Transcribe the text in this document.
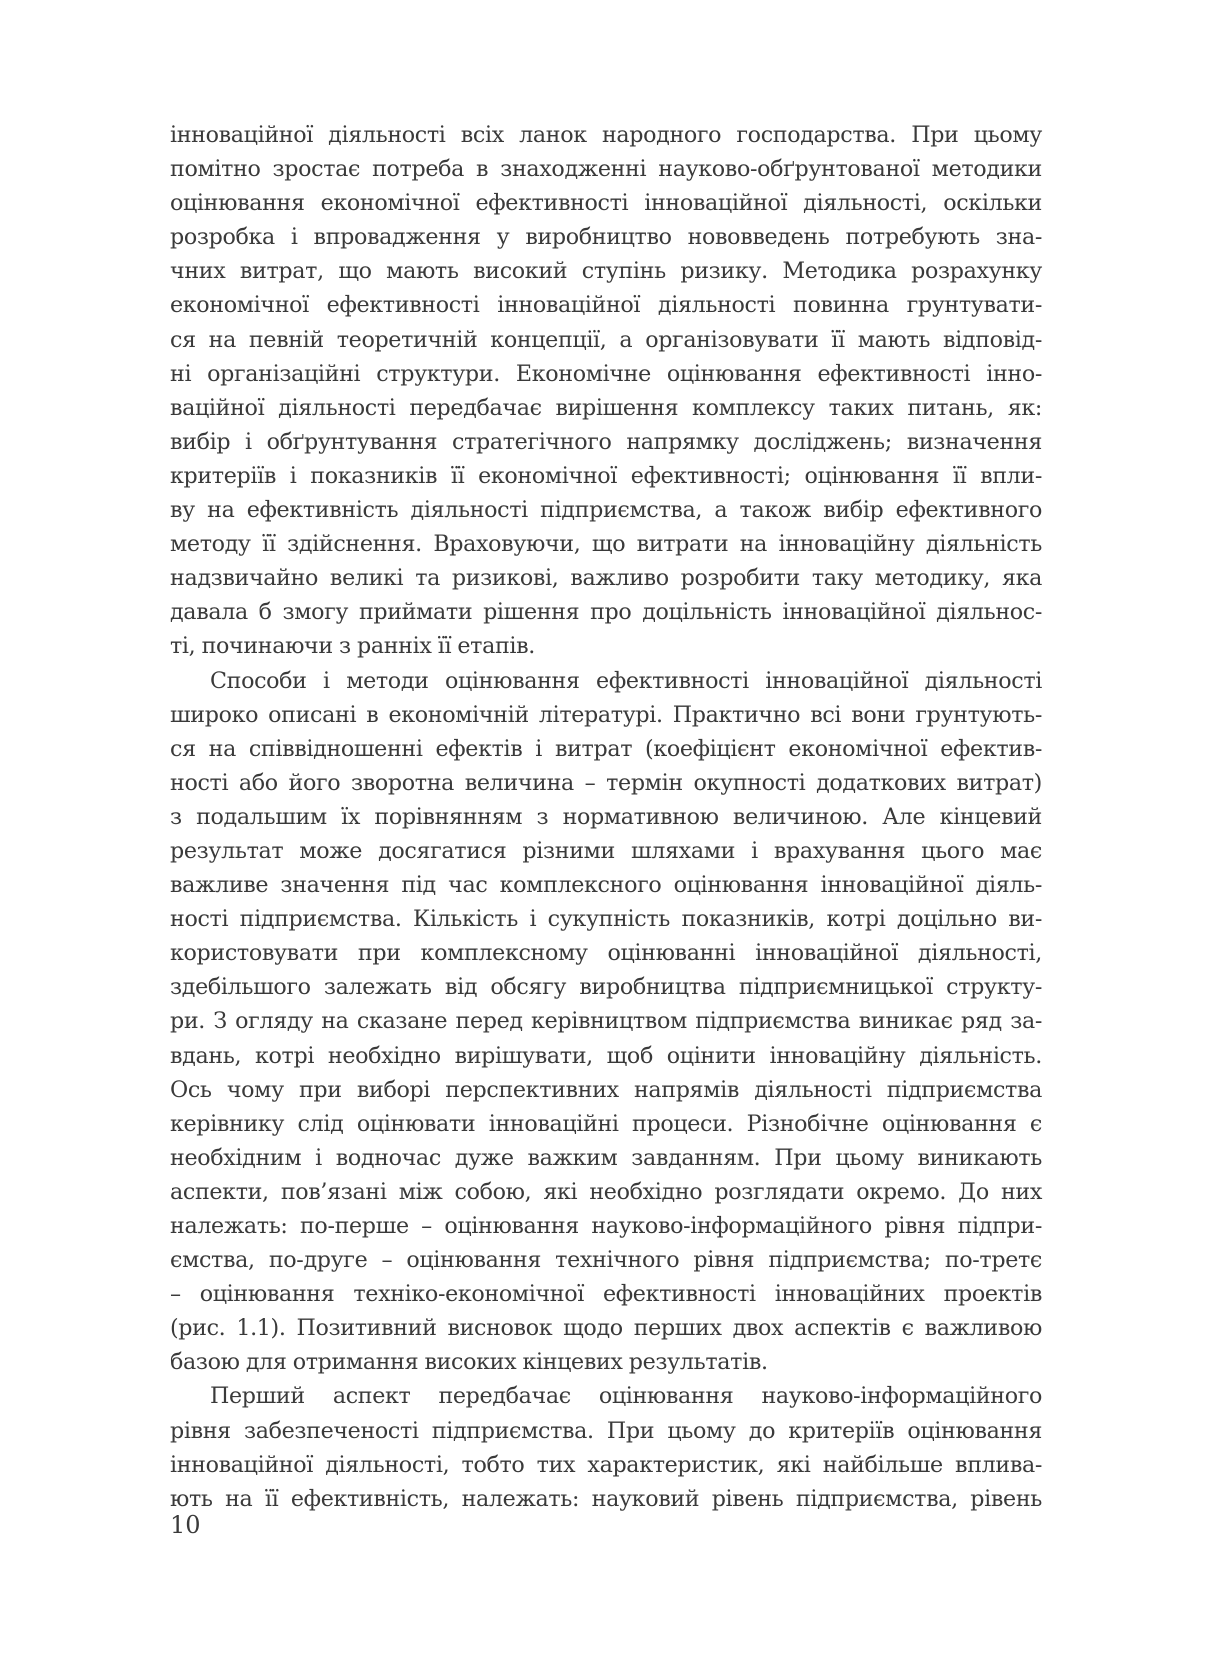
інноваційної діяльності всіх ланок народного господарства. При цьому
помітно зростає потреба в знаходженні науково-обґрунтованої методики
оцінювання економічної ефективності інноваційної діяльності, оскільки
розробка і впровадження у виробництво нововведень потребують зна-
чних витрат, що мають високий ступінь ризику. Методика розрахунку
економічної ефективності інноваційної діяльності повинна грунтувати-
ся на певній теоретичній концепції, а організовувати її мають відповід-
ні організаційні структури. Економічне оцінювання ефективності інно-
ваційної діяльності передбачає вирішення комплексу таких питань, як:
вибір і обґрунтування стратегічного напрямку досліджень; визначення
критеріїв і показників її економічної ефективності; оцінювання її впли-
ву на ефективність діяльності підприємства, а також вибір ефективного
методу її здійснення. Враховуючи, що витрати на інноваційну діяльність
надзвичайно великі та ризикові, важливо розробити таку методику, яка
давала б змогу приймати рішення про доцільність інноваційної діяльнос-
ті, починаючи з ранніх її етапів.
Способи і методи оцінювання ефективності інноваційної діяльності
широко описані в економічній літературі. Практично всі вони грунтують-
ся на співвідношенні ефектів і витрат (коефіцієнт економічної ефектив-
ності або його зворотна величина – термін окупності додаткових витрат)
з подальшим їх порівнянням з нормативною величиною. Але кінцевий
результат може досягатися різними шляхами і врахування цього має
важливе значення під час комплексного оцінювання інноваційної діяль-
ності підприємства. Кількість і сукупність показників, котрі доцільно ви-
користовувати при комплексному оцінюванні інноваційної діяльності,
здебільшого залежать від обсягу виробництва підприємницької структу-
ри. З огляду на сказане перед керівництвом підприємства виникає ряд за-
вдань, котрі необхідно вирішувати, щоб оцінити інноваційну діяльність.
Ось чому при виборі перспективних напрямів діяльності підприємства
керівнику слід оцінювати інноваційні процеси. Різнобічне оцінювання є
необхідним і водночас дуже важким завданням. При цьому виникають
аспекти, пов’язані між собою, які необхідно розглядати окремо. До них
належать: по-перше – оцінювання науково-інформаційного рівня підпри-
ємства, по-друге – оцінювання технічного рівня підприємства; по-третє
– оцінювання техніко-економічної ефективності інноваційних проектів
(рис. 1.1). Позитивний висновок щодо перших двох аспектів є важливою
базою для отримання високих кінцевих результатів.
Перший аспект передбачає оцінювання науково-інформаційного
рівня забезпеченості підприємства. При цьому до критеріїв оцінювання
інноваційної діяльності, тобто тих характеристик, які найбільше вплива-
ють на її ефективність, належать: науковий рівень підприємства, рівень
10
